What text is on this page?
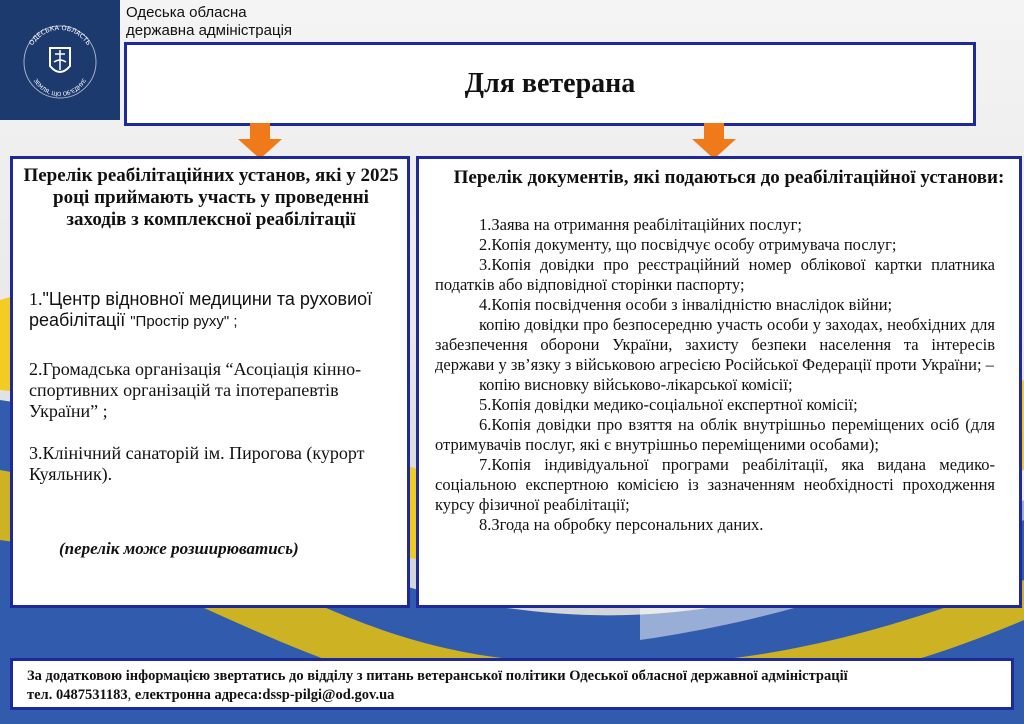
ОДЕСЬКА ОБЛАСТЬ
ЗЕМЛЯ, ЩО ОБ'ЄДНУЄ
Одеська обласна
державна адміністрація
Для ветерана
Перелік реабілітаційних установ, які у 2025 році приймають участь у проведенні заходів з комплексної реабілітації
1."Центр відновної медицини та руховиої реабілітації "Простір руху" ;
2.Громадська організація “Асоціація кінно-спортивних організацій та іпотерапевтів України” ;
3.Клінічний санаторій ім. Пирогова (курорт Куяльник).
(перелік може розширюватись)
Перелік документів, які подаються до реабілітаційної установи:

1.Заява на отримання реабілітаційних послуг;

2.Копія документу, що посвідчує особу отримувача послуг;

3.Копія довідки про реєстраційний номер облікової картки платника податків або відповідної сторінки паспорту;

4.Копія посвідчення особи з інвалідністю внаслідок війни;

копію довідки про безпосередню участь особи у заходах, необхідних для забезпечення оборони України, захисту безпеки населення та інтересів держави у зв’язку з військовою агресією Російської Федерації проти України; –

копію висновку військово-лікарської комісії;

5.Копія довідки медико-соціальної експертної комісії;

6.Копія довідки про взяття на облік внутрішньо переміщених осіб (для отримувачів послуг, які є внутрішньо переміщеними особами);

7.Копія індивідуальної програми реабілітації, яка видана медико-соціальною експертною комісією із зазначенням необхідності проходження курсу фізичної реабілітації;

8.Згода на обробку персональних даних.

За додатковою інформацією звертатись до відділу з питань ветеранської політики Одеської обласної державної адміністрації
тел. 0487531183, електронна адреса:dssp-pilgi@od.gov.ua
